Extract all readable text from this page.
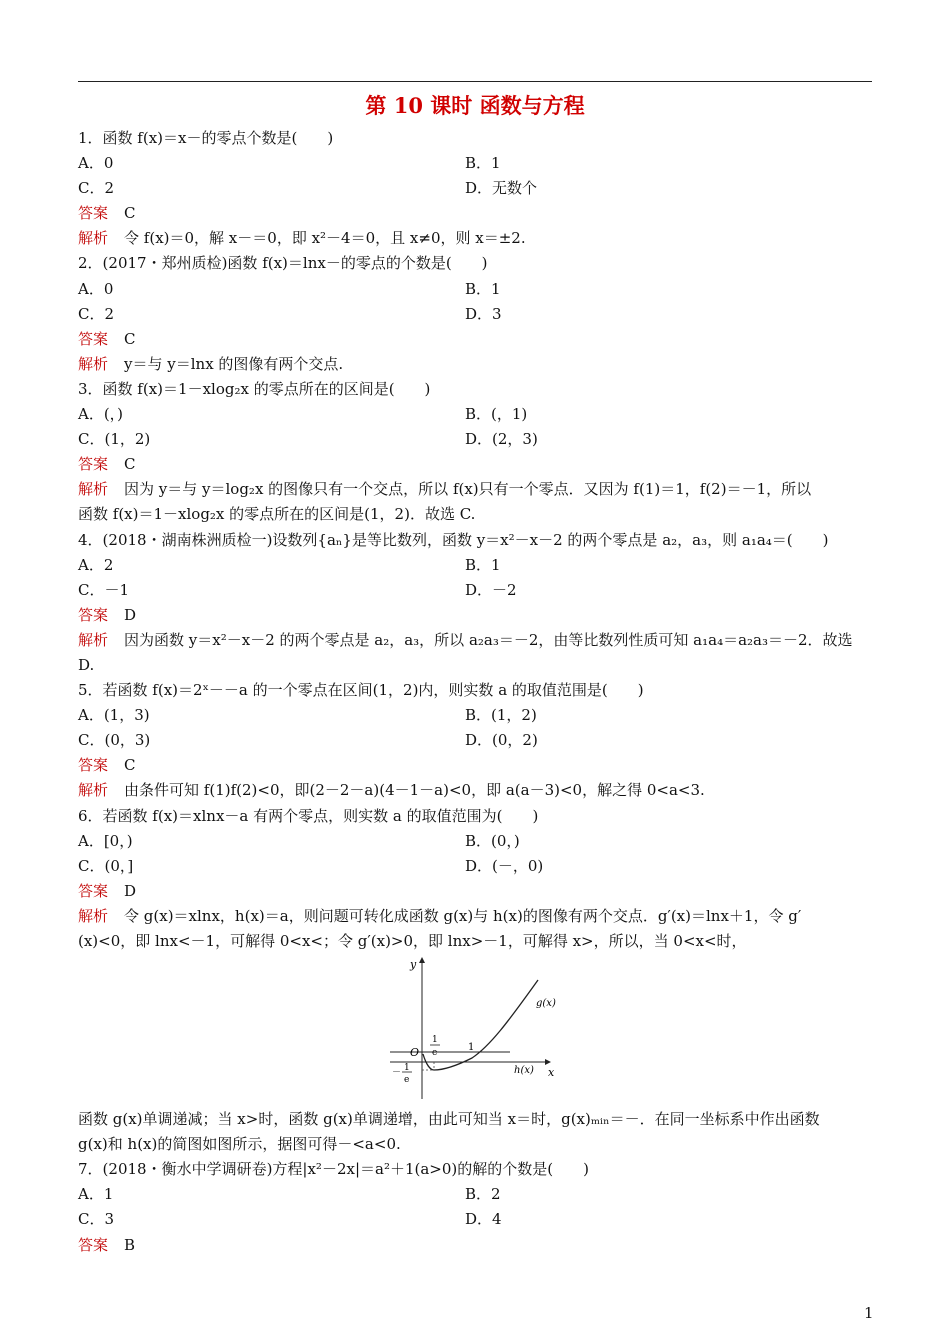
第 10 课时 函数与方程
1．函数 f(x)＝x－的零点个数是(　　)
A．0	B．1
C．2	D．无数个
答案 C
解析 令 f(x)＝0，解 x－＝0，即 x²－4＝0，且 x≠0，则 x＝±2.
2．(2017・郑州质检)函数 f(x)＝lnx－的零点的个数是(　　)
A．0	B．1
C．2	D．3
答案 C
解析 y＝与 y＝lnx 的图像有两个交点.
3．函数 f(x)＝1－xlog₂x 的零点所在的区间是(　　)
A．(，)	B．(，1)
C．(1，2)	D．(2，3)
答案 C
解析 因为 y＝与 y＝log₂x 的图像只有一个交点，所以 f(x)只有一个零点．又因为 f(1)＝1，f(2)＝－1，所以
函数 f(x)＝1－xlog₂x 的零点所在的区间是(1，2)．故选 C.
4．(2018・湖南株洲质检一)设数列{aₙ}是等比数列，函数 y＝x²－x－2 的两个零点是 a₂，a₃，则 a₁a₄＝(　　)
A．2	B．1
C．－1	D．－2
答案 D
解析 因为函数 y＝x²－x－2 的两个零点是 a₂，a₃，所以 a₂a₃＝－2，由等比数列性质可知 a₁a₄＝a₂a₃＝－2．故选
D.
5．若函数 f(x)＝2ˣ－－a 的一个零点在区间(1，2)内，则实数 a 的取值范围是(　　)
A．(1，3)	B．(1，2)
C．(0，3)	D．(0，2)
答案 C
解析 由条件可知 f(1)f(2)<0，即(2－2－a)(4－1－a)<0，即 a(a－3)<0，解之得 0<a<3.
6．若函数 f(x)＝xlnx－a 有两个零点，则实数 a 的取值范围为(　　)
A．[0，)	B．(0，)
C．(0，]	D．(－，0)
答案 D
解析 令 g(x)＝xlnx，h(x)＝a，则问题可转化成函数 g(x)与 h(x)的图像有两个交点．g′(x)＝lnx＋1，令 g′
(x)<0，即 lnx<－1，可解得 0<x<；令 g′(x)>0，即 lnx>－1，可解得 x>，所以，当 0<x<时，
y
x
O
g(x)
h(x)
1
1
e
－ 1
e
函数 g(x)单调递减；当 x>时，函数 g(x)单调递增，由此可知当 x＝时，g(x)ₘᵢₙ＝－．在同一坐标系中作出函数
g(x)和 h(x)的简图如图所示，据图可得－<a<0.
7．(2018・衡水中学调研卷)方程|x²－2x|＝a²＋1(a>0)的解的个数是(　　)
A．1	B．2
C．3	D．4
答案 B
1
